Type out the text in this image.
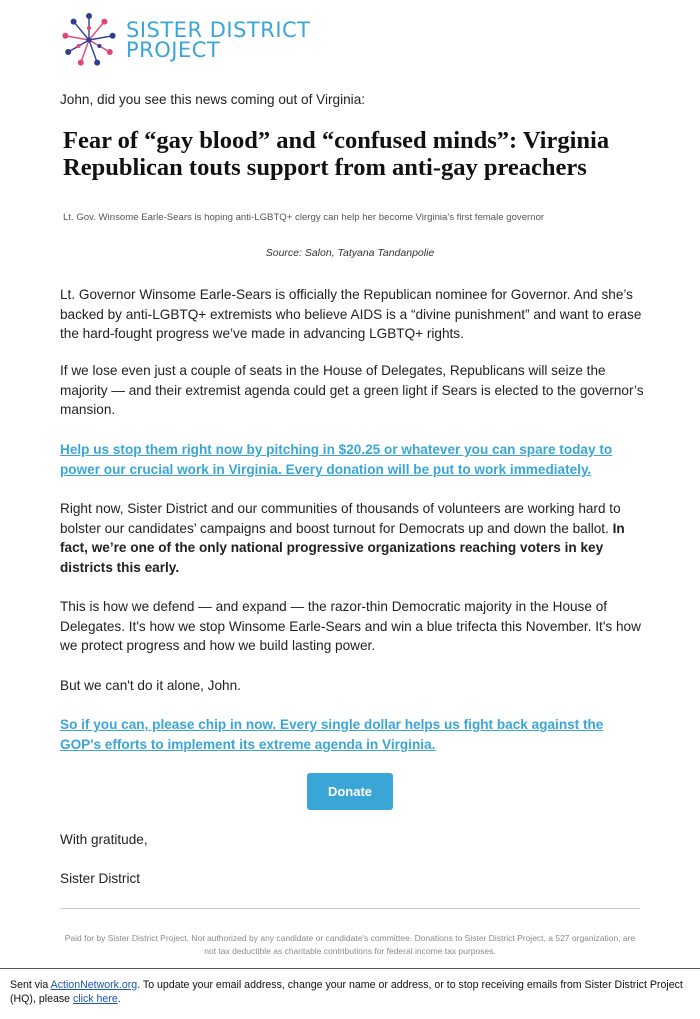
SISTER DISTRICT
PROJECT

John, did you see this news coming out of Virginia:

Fear of “gay blood” and “confused minds”: Virginia Republican touts support from anti-gay preachers

Lt. Gov. Winsome Earle-Sears is hoping anti-LGBTQ+ clergy can help her become Virginia's first female governor

Source: Salon, Tatyana Tandanpolie

Lt. Governor Winsome Earle-Sears is officially the Republican nominee for Governor. And she’s backed by anti-LGBTQ+ extremists who believe AIDS is a “divine punishment” and want to erase the hard-fought progress we’ve made in advancing LGBTQ+ rights.

If we lose even just a couple of seats in the House of Delegates, Republicans will seize the majority — and their extremist agenda could get a green light if Sears is elected to the governor’s mansion.

Help us stop them right now by pitching in $20.25 or whatever you can spare today to power our crucial work in Virginia. Every donation will be put to work immediately.

Right now, Sister District and our communities of thousands of volunteers are working hard to bolster our candidates’ campaigns and boost turnout for Democrats up and down the ballot. In fact, we’re one of the only national progressive organizations reaching voters in key districts this early.

This is how we defend — and expand — the razor-thin Democratic majority in the House of Delegates. It's how we stop Winsome Earle-Sears and win a blue trifecta this November. It's how we protect progress and how we build lasting power.

But we can't do it alone, John.

So if you can, please chip in now. Every single dollar helps us fight back against the GOP's efforts to implement its extreme agenda in Virginia.

Donate

With gratitude,

Sister District

Paid for by Sister District Project. Not authorized by any candidate or candidate's committee. Donations to Sister District Project, a 527 organization, are not tax deductible as charitable contributions for federal income tax purposes.

Sent via ActionNetwork.org. To update your email address, change your name or address, or to stop receiving emails from Sister District Project (HQ), please click here.
